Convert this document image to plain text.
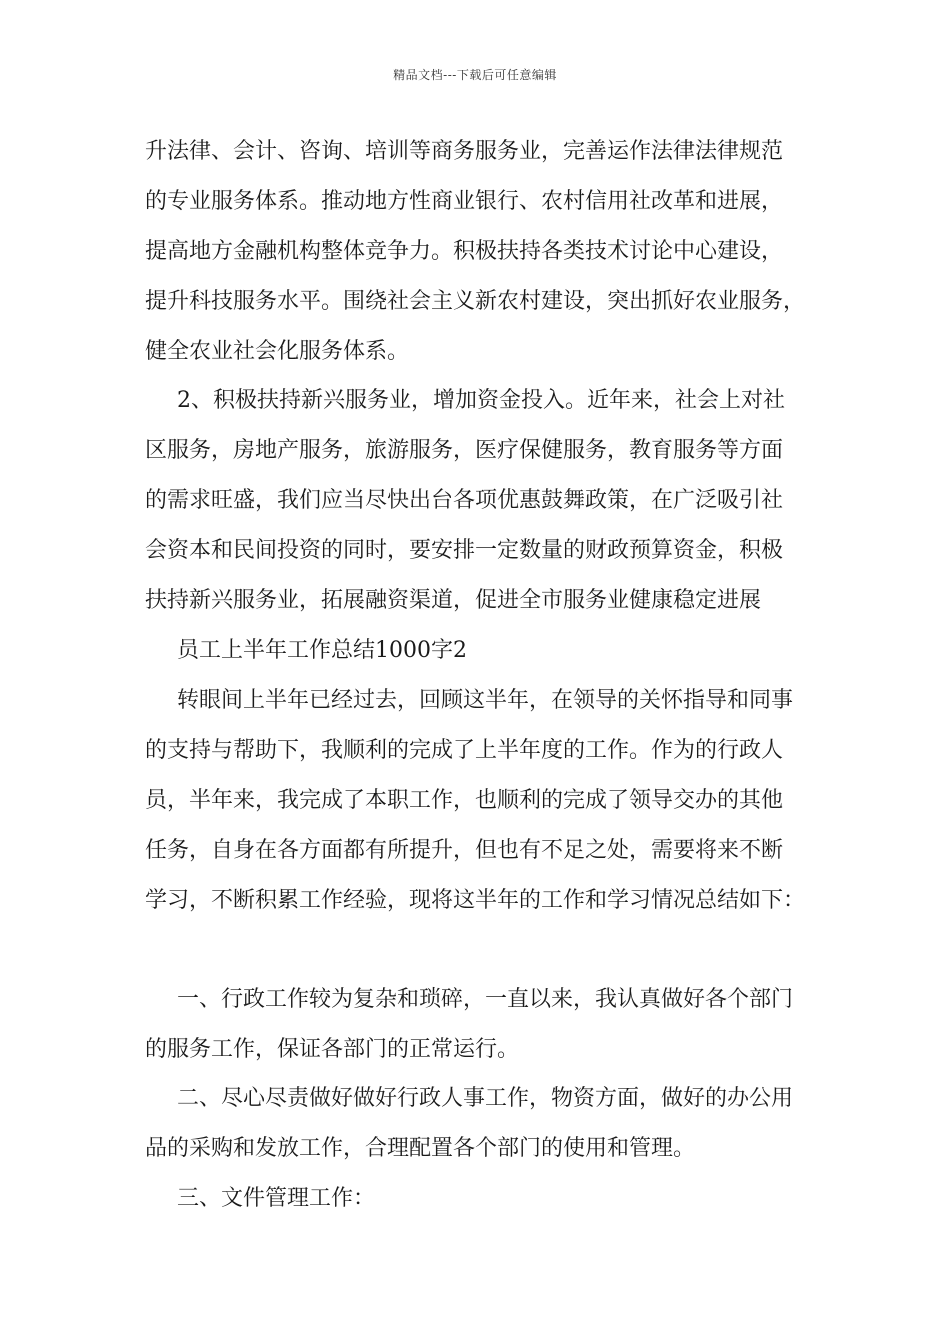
精品文档---下载后可任意编辑
升法律、会计、咨询、培训等商务服务业，完善运作法律法律规范
的专业服务体系。推动地方性商业银行、农村信用社改革和进展，
提高地方金融机构整体竞争力。积极扶持各类技术讨论中心建设，
提升科技服务水平。围绕社会主义新农村建设，突出抓好农业服务，
健全农业社会化服务体系。
2、积极扶持新兴服务业，增加资金投入。近年来，社会上对社
区服务，房地产服务，旅游服务，医疗保健服务，教育服务等方面
的需求旺盛，我们应当尽快出台各项优惠鼓舞政策，在广泛吸引社
会资本和民间投资的同时，要安排一定数量的财政预算资金，积极
扶持新兴服务业，拓展融资渠道，促进全市服务业健康稳定进展
员工上半年工作总结1000字2
转眼间上半年已经过去，回顾这半年，在领导的关怀指导和同事
的支持与帮助下，我顺利的完成了上半年度的工作。作为的行政人
员，半年来，我完成了本职工作，也顺利的完成了领导交办的其他
任务，自身在各方面都有所提升，但也有不足之处，需要将来不断
学习，不断积累工作经验，现将这半年的工作和学习情况总结如下：
一、行政工作较为复杂和琐碎，一直以来，我认真做好各个部门
的服务工作，保证各部门的正常运行。
二、尽心尽责做好做好行政人事工作，物资方面，做好的办公用
品的采购和发放工作，合理配置各个部门的使用和管理。
三、文件管理工作：
